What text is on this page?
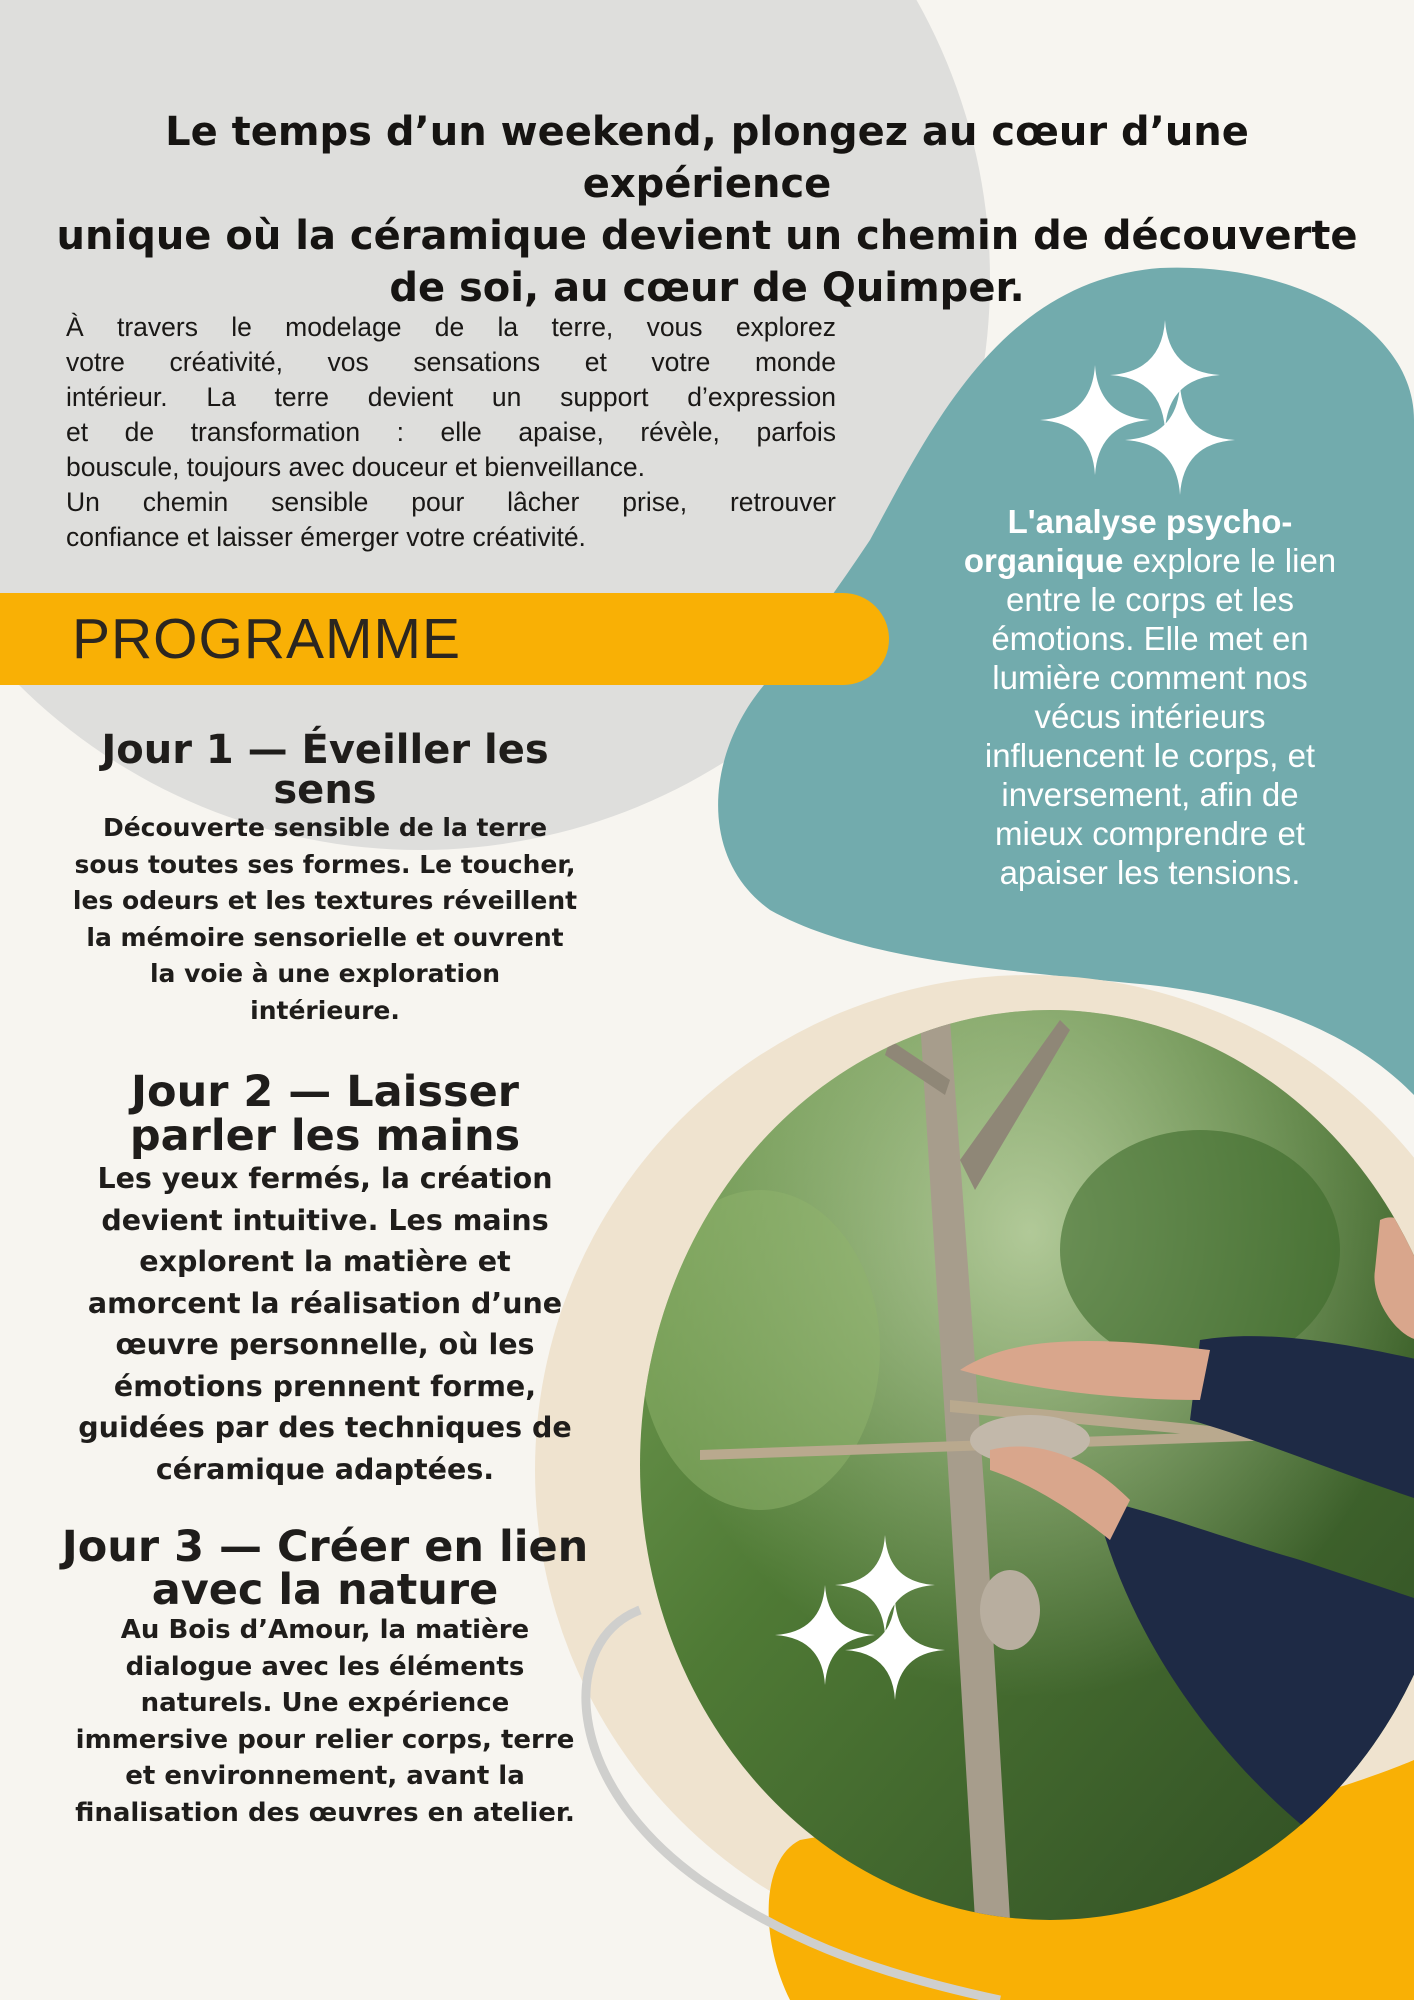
Le temps d’un weekend, plongez au cœur d’une expérience
unique où la céramique devient un chemin de découverte
de soi, au cœur de Quimper.
À travers le modelage de la terre, vous explorez
votre créativité, vos sensations et votre monde
intérieur. La terre devient un support d’expression
et de transformation : elle apaise, révèle, parfois
bouscule, toujours avec douceur et bienveillance.
Un chemin sensible pour lâcher prise, retrouver
confiance et laisser émerger votre créativité.
PROGRAMME
L'analyse psycho-
organique explore le lien
entre le corps et les
émotions. Elle met en
lumière comment nos
vécus intérieurs
influencent le corps, et
inversement, afin de
mieux comprendre et
apaiser les tensions.
Jour 1 — Éveiller les
sens

Découverte sensible de la terre
sous toutes ses formes. Le toucher,
les odeurs et les textures réveillent
la mémoire sensorielle et ouvrent
la voie à une exploration
intérieure.

Jour 2 — Laisser
parler les mains

Les yeux fermés, la création
devient intuitive. Les mains
explorent la matière et
amorcent la réalisation d’une
œuvre personnelle, où les
émotions prennent forme,
guidées par des techniques de
céramique adaptées.

Jour 3 — Créer en lien
avec la nature

Au Bois d’Amour, la matière
dialogue avec les éléments
naturels. Une expérience
immersive pour relier corps, terre
et environnement, avant la
finalisation des œuvres en atelier.
